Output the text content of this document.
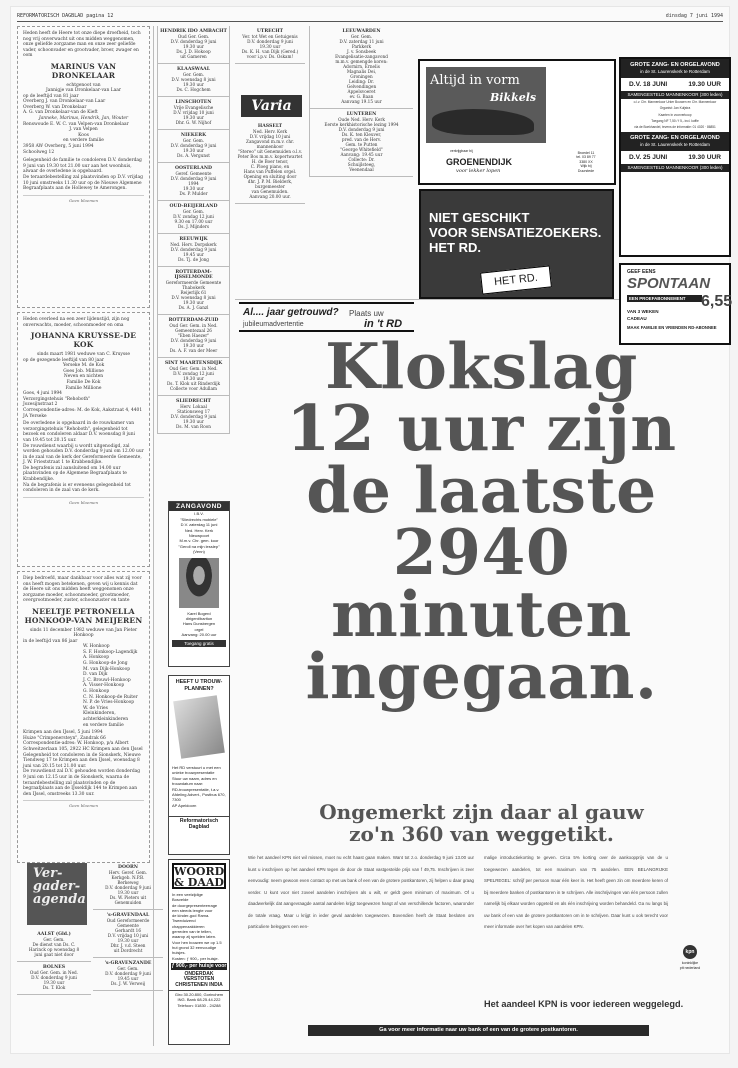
REFORMATORISCH DAGBLAD pagina 12	dinsdag 7 juni 1994
Heden heeft de Heere tot onze diepe droefheid, toch nog vrij onverwacht uit ons midden weggenomen, onze geliefde zorgzame man en onze zeer geliefde vader, schoonvader en grootvader, broer, zwager en oom
MARINUS VAN DRONKELAAR
echtgenoot van
Jannigje van Dronkelaar-van Laar
op de leeftijd van 81 jaar
Overberg J. van Dronkelaar-van Laar
Overberg W. van Dronkelaar
A. G. van Dronkelaar-van de Kieft
Janneke, Marinus, Hendrik, Jan, Wouter
Renswoude E. W. C. van Velpen-van Dronkelaar
J. van Velpen
Koos
en verdere familie
3958 AW Overberg, 5 juni 1994
Schoolweg 12
Gelegenheid de familie te condoleren D.V. donderdag 9 juni van 19.30 tot 21.00 uur aan het woonhuis, alwaar de overledene is opgebaard.
De teraardebestelling zal plaatsvinden op D.V. vrijdag 10 juni omstreeks 11.30 uur op de Nieuwe Algemene Begraafplaats aan de Hollewey te Amerongen.
Geen bloemen
Heden overleed na een zeer lijdenstijd, zijn nog onverwachts, moeder, schoonmoeder en oma
JOHANNA KRUYSSE-DE KOK
sinds maart 1981 weduwe van C. Kruysse
op de gezegende leeftijd van 80 jaar
Yerseke M. de Kok
Goes Job. Millione
Neven en nichten
Familie De Kok
Familie Millione
Goes, 4 juni 1994
Verzorgingstehuis "Rehoboth"
Jozesijnstraat 2
Correspondentie-adres: M. de Kok, Aakstraat 4, 4401 JA Yerseke
De overledene is opgebaard in de rouwkamer van verzorgingstehuis "Rehoboth", gelegenheid tot bezoek en condoleren aldaar D.V. woensdag 8 juni van 19.45 tot 20.15 uur.
De rouwdienst waarbij u wordt uitgenodigd, zal worden gehouden D.V. donderdag 9 juni om 12.00 uur in de zaal van de kerk der Gereformeerde Gemeente, J. W. Frieststraat 1 te Krabbendijke.
De begrafenis zal aansluitend om 14.00 uur plaatsvinden op de Algemene Begraafplaats te Krabbendijke.
Na de begrafenis is er eveneens gelegenheid tot condoleren in de zaal van de kerk.
Geen bloemen
Diep bedroefd, maar dankbaar voor alles wat zij voor ons heeft mogen betekenen, geven wij u kennis dat de Heere uit ons midden heeft weggenomen onze zorgzame moeder, schoonmoeder, grootmoeder, overgrootmoeder, zuster, schoonzuster en tante
NEELTJE PETRONELLA HONKOOP-VAN MEIJEREN
sinds 11 december 1982 weduwe van Jan Pieter Honkoop
in de leeftijd van 86 jaar
W. Honkoop
S. F. Honkoop-Lagendijk
A. Honkoop
G. Honkoop-de Jong
M. van Dijk-Honkoop
D. van Dijk
J. C. Brouwl-Honkoop
A. Visser-Honkoop
G. Honkoop
C. N. Honkoop-de Ruiter
N. P. de Vries-Honkoop
W. de Vries
Kleinkinderen, achterkleinkinderen
en verdere familie
Krimpen aan den IJssel, 5 juni 1994
Huize "Crimpenersteyn", Zandrak 66
Correspondentie-adres: W. Honkoop, p/a Albert Schweitzerlaan 105, 2922 HC Krimpen aan den IJssel
Gelegenheid tot condoleren in de Sionskerk, Nieuwe Tiendweg 17 te Krimpen aan den IJssel, woensdag 8 juni van 20.15 tot 21.00 uur.
De rouwdienst zal D.V. gehouden worden donderdag 9 juni om 12.15 uur in de Sionskerk, waarna de teraardebestelling zal plaatsvinden op de begraafplaats aan de IJsseldijk 144 te Krimpen aan den IJssel, omstreeks 13.30 uur.
Geen bloemen
Ver-
gader-
agenda
AALST (Gld.)
Ger. Gem.
De dienst van Ds. C.
Harinck op woensdag 8
juni gaat niet door
BOLNES
Oud Ger. Gem. in Ned.
D.V. donderdag 9 juni
19.30 uur
Ds. T. Klok
DOORN
Herv. Geref. Gem.
Kerkgeb. N.P.B.
Berkeweg
D.V. donderdag 9 juni
19.30 uur
Ds. W. Pieters uit
Genemuiden
's-GRAVENDAAL
Oud Gereformeerde
Gemeente
Gerhardt 16
D.V. vrijdag 10 juni
19.30 uur
Dhr. J. v.d. Steen
uit Dordrecht
's-GRAVENZANDE
Ger. Gem.
D.V. donderdag 9 juni
19.45 uur
Ds. J. W. Verweij
HENDRIK IDO AMBACHT
Oud Ger. Gem.
D.V. donderdag 9 juni
19.30 uur
Ds. J. D. Hokoop
uit Gameren
KLAASWAAL
Ger. Gem.
D.V. woensdag 8 juni
19.30 uur
Ds. C. Hogchem
LINSCHOTEN
Vrije Evangelische
D.V. vrijdag 10 juni
19.30 uur
Dhr. G. W. Nijhof
NIEKERK
Ger. Gem.
D.V. donderdag 9 juni
19.30 uur
Ds. A. Vergunst
OOSTERLAND
Geref. Gemeente
D.V. donderdag 9 juni
1994
19.30 uur
Ds. P. Mulder
OUD-BEIJERLAND
Ger. Gem.
D.V. zondag 12 juni
9.30 en 17.00 uur
Ds. J. Mijnders
REEUWIJK
Ned. Herv. Dorpskerk
D.V. donderdag 9 juni
19.45 uur
Ds. Tj. de Jong
ROTTERDAM-IJSSELMONDE
Gereformeerde Gemeente Thabokerk
Reijerlijk 61
D.V. woensdag 8 juni
19.30 uur
Ds. A. J. Ganzl
ROTTERDAM-ZUID
Oud Ger. Gem. in Ned.
Gemeentezaal 26
"Eben Haezer"
D.V. donderdag 9 juni
19.30 uur
Ds. A. F. van der Meer
SINT MAARTENSDIJK
Oud Ger. Gem. in Ned.
D.V. zondag 12 juni
19.30 uur
Ds. T. Klok uit Rinderdijk
Collecte voor Adullam
SLIEDRECHT
Herv. Lokaal
Stationsweg 17
D.V. donderdag 9 juni
19.30 uur
Ds. M. van Roon
ZANGAVOND
I.B.V.
"Sliedrechts mobiele"
D.V. zaterdag 11 juni
Ned. Herv. Kerk
Nieuwpoort
M.m.v. Chr. gem. koor
"Geroll na mijn lesslep"
(Venn)
Karel Bogerd
dirigent/bariton
Hans Dunsbergen
orgel
Aanvang: 20.00 uur
Toegang gratis
HEEFT U TROUW-PLANNEN?
Het RD verstuurt u met een unieke trouwpresentatie
Stuur uw naam, adres en trouwdatum naar:
RD-trouwpresentatie, t.a.v. Afdeling Advert., Postbus 670, 7300
AP Apeldoorn
Reformatorisch Dagblad
WOORD
& DAAD
In een veelzijdige
Bosvelde
de doorgepresenteerrage
een steeds lengte voor
de kinder-god Rama.
Tweeduizend
chappenzakkieren
gerreden van te tellen,
waarop zij spelden laten.
Voor hen bouwen we op 1.5 hut grond 32 eenvoudige huisjes.
Kosten: ƒ 900,- per huisje.
ƒ 900,- per huisje voor
ONDERDAK VERSTOTEN
CHRISTENEN INDIA
Giro 30.20.800, Gorinchem
ING. Bank 68.25.44.222
Telefoon: 01830 - 24288
UTRECHT
Ver. tot Wet en Getuigenis
D.V. donderdag 9 juni
19.30 uur
Ds. K. H. van Dijk (Gered.)
voor i.p.v. Ds. Oskam!
Varia
HASSELT
Ned. Herv. Kerk
D.V. vrijdag 10 juni
Zangavond m.m.v. chr. mannenkoor
"Stereo" uit Genemuiden o.l.v. Peter Bos m.m.v. kopertwartet
H. de Boer tenor,
C. Ploeg piano, en
Hans van Puffelen orgel.
Opening en sluiting door
dhr. J. P. M. Bielderk, burgemeester
van Genemuiden.
Aanvang 20.00 uur.
LEEUWARDEN
Ger. Gem.
D.V. zaterdag 11 juni
Parkkerk
J. v. Sonsbeek
Evangelisatie-zangavond
m.m.v. gemengde koren:
Adornirn, Ernelis
Magnalis Dei,
Groningen
Leiding: Dr.
Gelvendingen
Appelsvoeret
ev. G. Baan
Aanvang 19.15 uur
LUNTEREN
Oude Ned. Herv. Kerk
Eerste kerkhistorische lezing 1994
D.V. donderdag 9 juni
Ds. K. ten Kleuver,
pred. van de Herv.
Gem. te Putten
"George Whitefield"
Aanvang: 19.45 uur
Collecte: Dr.
Schuijlsteeg,
Veenendaal
Altijd in vorm
Bikkels
verkrijgbaar bij
GROENENDIJK
voor lekker lopen
Broedel 11
tel. 03 89 77
3380 XX
Wijk bij
Duurstede
NIET GESCHIKT
VOOR SENSATIEZOEKERS.
HET RD.
HET RD.
GROTE ZANG- EN ORGELAVOND
in de St. Laurenskerk te Rotterdam
D.V. 18 JUNI	19.30 UUR
SAMENGESTELD MANNENKOOR (300 leden)
o.l.v. Chr. Mannenkoor Urker Bouwen en Chr. Mannenkoor
Organist: Jan Kuijstra
Kaarten in voorverkoop
Toegang NF 7,50 / f 5,- incl. koffie
via de Boekhandel, tevens de informatie: 01 4020 · 86851
GROTE ZANG- EN ORGELAVOND
in de St. Laurenskerk te Rotterdam
D.V. 25 JUNI	19.30 UUR
SAMENGESTELD MANNENKOOR (300 leden)
GEEF EENS
SPONTAAN
EEN PROEFABONNEMENT 6,55
VAN 3 WEKEN
CADEAU
MAAK FAMILIE EN VRIENDEN RD-ABONNEE
Al.... jaar getrouwd? Plaats uw
jubileumadvertentie	in 't RD
Klokslag
12 uur zijn
de laatste
2940
minuten
ingegaan.
Ongemerkt zijn daar al gauw
zo'n 360 van weggetikt.
Wie het aandeel KPN niet wil missen, moet nu echt haast gaan maken. Want tot z.o. donderdag 9 juni 13.00 uur kunt u inschrijven op het aandeel KPN tegen de door de Staat vastgestelde prijs van f 49,75. Inschrijven is zeer eenvoudig: neem gewoon even contact op met uw bank of een van de grotere postkantoren, zij helpen u daar graag verder. U kunt voor niet zoveel aandelen inschrijven als u wilt, er geldt geen minimum of maximum. Of u daadwerkelijk dat aangevraagde aantal aandelen krijgt toegewezen hangt af van verschillende factoren, waaronder de totale vraag. Maar u krijgt in ieder geval aandelen toegewezen. Bovendien heeft de Staat besloten om particuliere beleggers een een-
malige introductiekorting te geven. Circa 5% korting over de aankoopprijs van de u toegewezen aandelen, tot een maximum van 75 aandelen. EEN BELANGRIJKE SPELREGEL: schrijf per persoon maar één keer in. Het heeft geen zin om meerdere keren of bij meerdere banken of postkantoren in te schrijven. Alle inschrijvingen van één persoon zullen namelijk bij elkaar worden opgeteld en als één inschrijving worden behandeld. Ga nu langs bij uw bank of een van de grotere postkantoren om in te schrijven. Daar kunt u ook terecht voor meer informatie over het kopen van aandelen KPN.
kpn
koninklijke
ptt nederland
Het aandeel KPN is voor iedereen weggelegd.
Ga voor meer informatie naar uw bank of een van de grotere postkantoren.
